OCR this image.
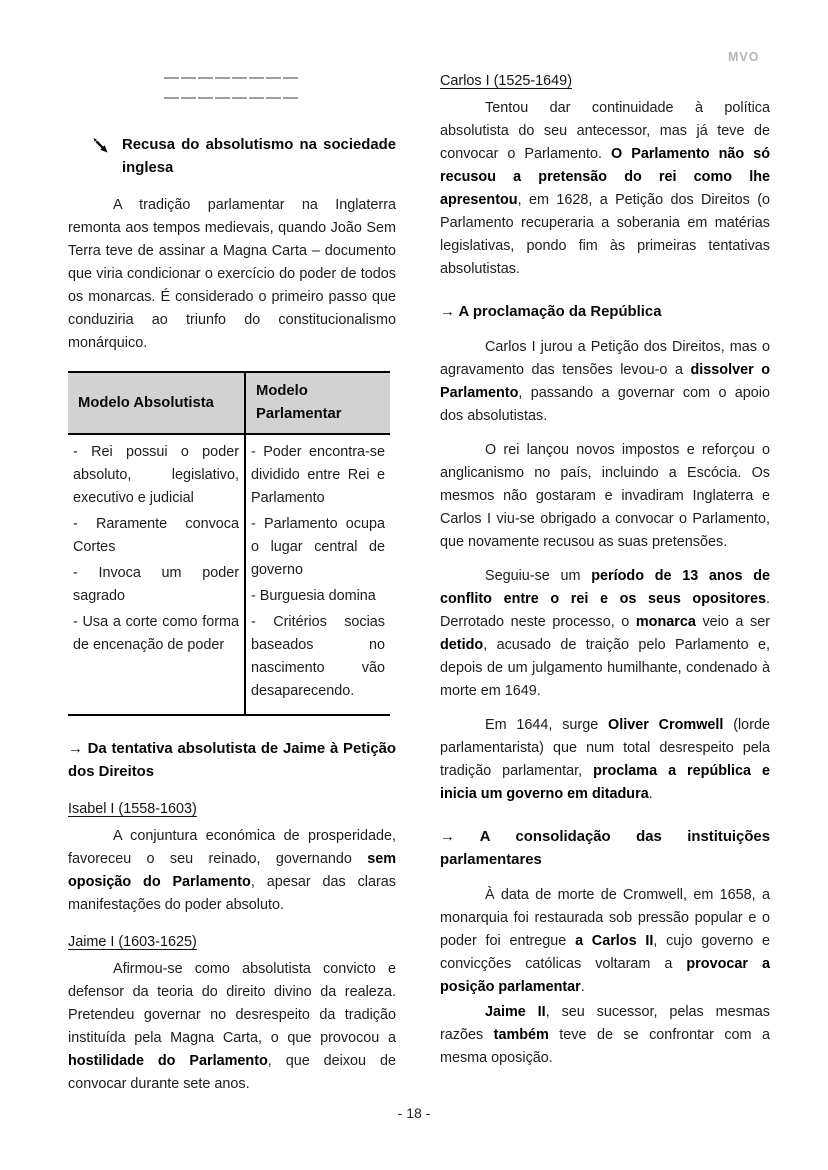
MVO
————————
————————
Recusa do absolutismo na sociedade inglesa

A tradição parlamentar na Inglaterra remonta aos tempos medievais, quando João Sem Terra teve de assinar a Magna Carta – documento que viria condicionar o exercício do poder de todos os monarcas. É considerado o primeiro passo que conduziria ao triunfo do constitucionalismo monárquico.

Modelo Absolutista	Modelo Parlamentar

- Rei possui o poder absoluto, legislativo, executivo e judicial
- Raramente convoca Cortes
- Invoca um poder sagrado
- Usa a corte como forma de encenação de poder

- Poder encontra-se dividido entre Rei e Parlamento
- Parlamento ocupa o lugar central de governo
- Burguesia domina
- Critérios socias baseados no nascimento vão desaparecendo.
→ Da tentativa absolutista de Jaime à Petição dos Direitos
Isabel I (1558-1603)

A conjuntura económica de prosperidade, favoreceu o seu reinado, governando sem oposição do Parlamento, apesar das claras manifestações do poder absoluto.

Jaime I (1603-1625)

Afirmou-se como absolutista convicto e defensor da teoria do direito divino da realeza. Pretendeu governar no desrespeito da tradição instituída pela Magna Carta, o que provocou a hostilidade do Parlamento, que deixou de convocar durante sete anos.

Carlos I (1525-1649)

Tentou dar continuidade à política absolutista do seu antecessor, mas já teve de convocar o Parlamento. O Parlamento não só recusou a pretensão do rei como lhe apresentou, em 1628, a Petição dos Direitos (o Parlamento recuperaria a soberania em matérias legislativas, pondo fim às primeiras tentativas absolutistas.

→ A proclamação da República

Carlos I jurou a Petição dos Direitos, mas o agravamento das tensões levou-o a dissolver o Parlamento, passando a governar com o apoio dos absolutistas.

O rei lançou novos impostos e reforçou o anglicanismo no país, incluindo a Escócia. Os mesmos não gostaram e invadiram Inglaterra e Carlos I viu-se obrigado a convocar o Parlamento, que novamente recusou as suas pretensões.

Seguiu-se um período de 13 anos de conflito entre o rei e os seus opositores. Derrotado neste processo, o monarca veio a ser detido, acusado de traição pelo Parlamento e, depois de um julgamento humilhante, condenado à morte em 1649.

Em 1644, surge Oliver Cromwell (lorde parlamentarista) que num total desrespeito pela tradição parlamentar, proclama a república e inicia um governo em ditadura.

→ A consolidação das instituições parlamentares

À data de morte de Cromwell, em 1658, a monarquia foi restaurada sob pressão popular e o poder foi entregue a Carlos II, cujo governo e convicções católicas voltaram a provocar a posição parlamentar.

Jaime II, seu sucessor, pelas mesmas razões também teve de se confrontar com a mesma oposição.

- 18 -
